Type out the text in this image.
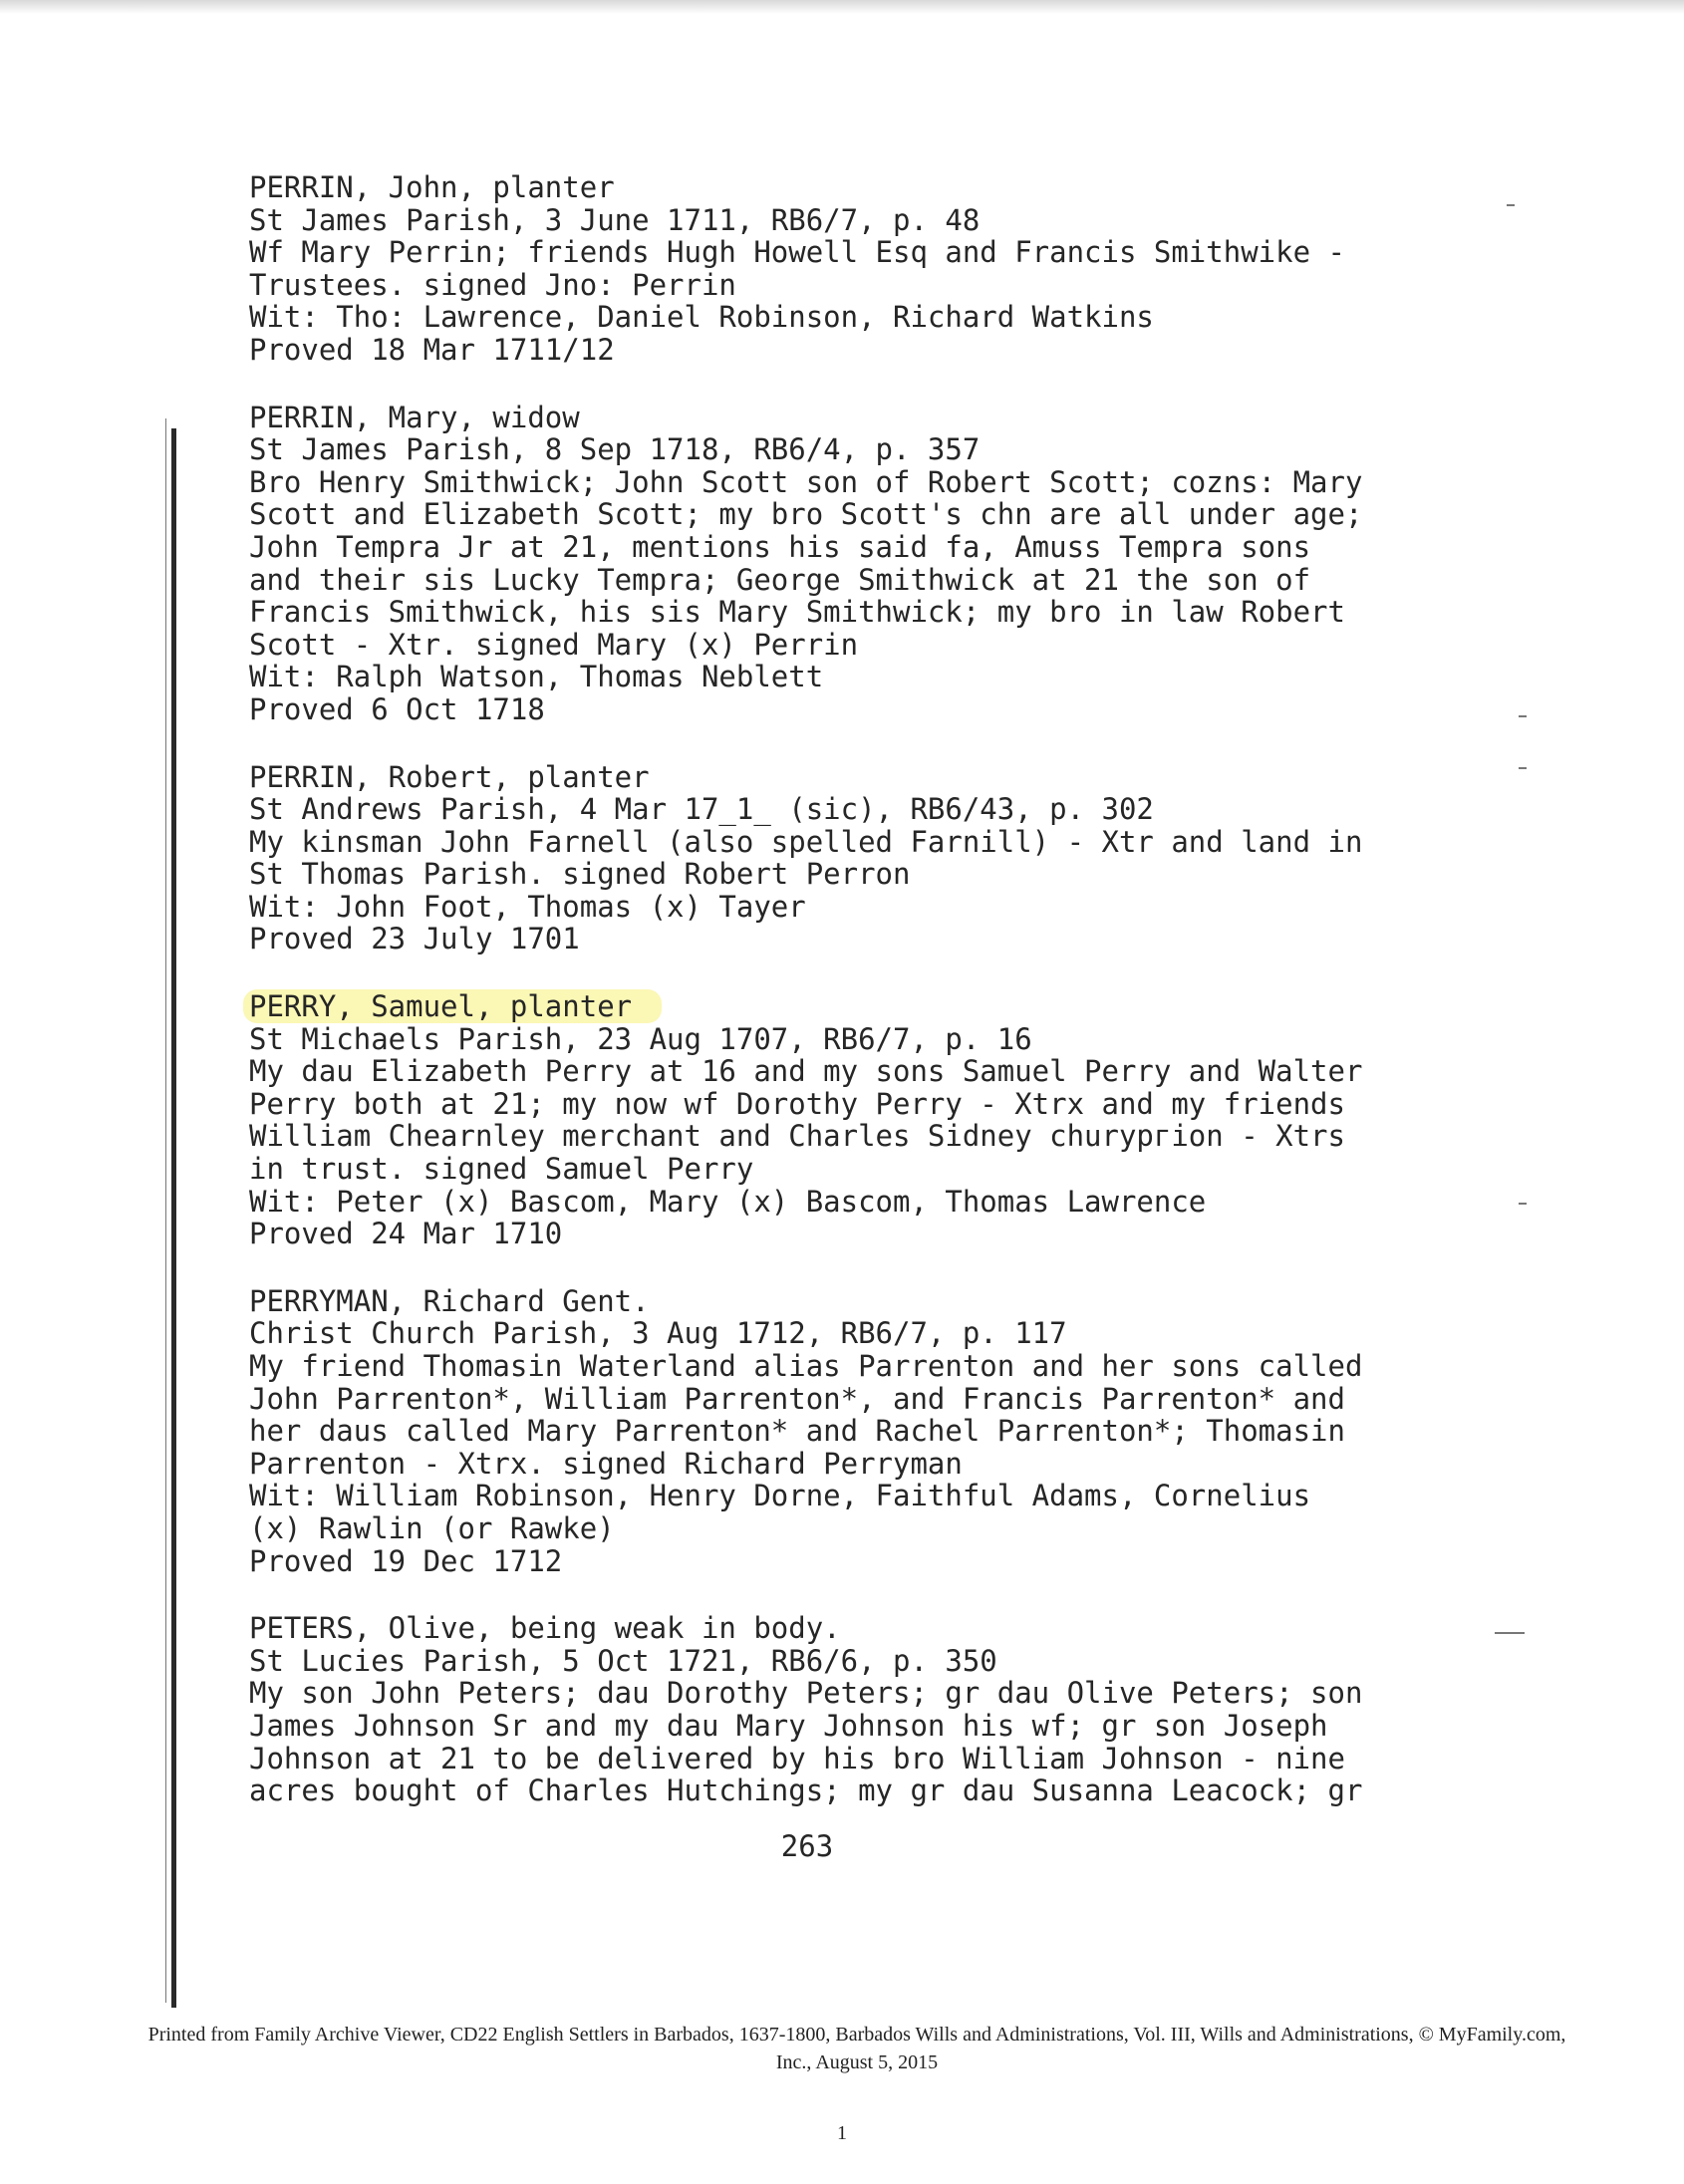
PERRIN, John, planter
St James Parish, 3 June 1711, RB6/7, p. 48
Wf Mary Perrin; friends Hugh Howell Esq and Francis Smithwike -
Trustees. signed Jno: Perrin
Wit: Tho: Lawrence, Daniel Robinson, Richard Watkins
Proved 18 Mar 1711/12
PERRIN, Mary, widow
St James Parish, 8 Sep 1718, RB6/4, p. 357
Bro Henry Smithwick; John Scott son of Robert Scott; cozns: Mary
Scott and Elizabeth Scott; my bro Scott's chn are all under age;
John Tempra Jr at 21, mentions his said fa, Amuss Tempra sons
and their sis Lucky Tempra; George Smithwick at 21 the son of
Francis Smithwick, his sis Mary Smithwick; my bro in law Robert
Scott - Xtr. signed Mary (x) Perrin
Wit: Ralph Watson, Thomas Neblett
Proved 6 Oct 1718
PERRIN, Robert, planter
St Andrews Parish, 4 Mar 17_1_ (sic), RB6/43, p. 302
My kinsman John Farnell (also spelled Farnill) - Xtr and land in
St Thomas Parish. signed Robert Perron
Wit: John Foot, Thomas (x) Tayer
Proved 23 July 1701
PERRY, Samuel, planter
St Michaels Parish, 23 Aug 1707, RB6/7, p. 16
My dau Elizabeth Perry at 16 and my sons Samuel Perry and Walter
Perry both at 21; my now wf Dorothy Perry - Xtrx and my friends
William Chearnley merchant and Charles Sidney churургion - Xtrs
in trust. signed Samuel Perry
Wit: Peter (x) Bascom, Mary (x) Bascom, Thomas Lawrence
Proved 24 Mar 1710
PERRYMAN, Richard Gent.
Christ Church Parish, 3 Aug 1712, RB6/7, p. 117
My friend Thomasin Waterland alias Parrenton and her sons called
John Parrenton*, William Parrenton*, and Francis Parrenton* and
her daus called Mary Parrenton* and Rachel Parrenton*; Thomasin
Parrenton - Xtrx. signed Richard Perryman
Wit: William Robinson, Henry Dorne, Faithful Adams, Cornelius
(x) Rawlin (or Rawke)
Proved 19 Dec 1712
PETERS, Olive, being weak in body.
St Lucies Parish, 5 Oct 1721, RB6/6, p. 350
My son John Peters; dau Dorothy Peters; gr dau Olive Peters; son
James Johnson Sr and my dau Mary Johnson his wf; gr son Joseph
Johnson at 21 to be delivered by his bro William Johnson - nine
acres bought of Charles Hutchings; my gr dau Susanna Leacock; gr
263
Printed from Family Archive Viewer, CD22 English Settlers in Barbados, 1637-1800, Barbados Wills and Administrations, Vol. III, Wills and Administrations, © MyFamily.com,
Inc., August 5, 2015
1
